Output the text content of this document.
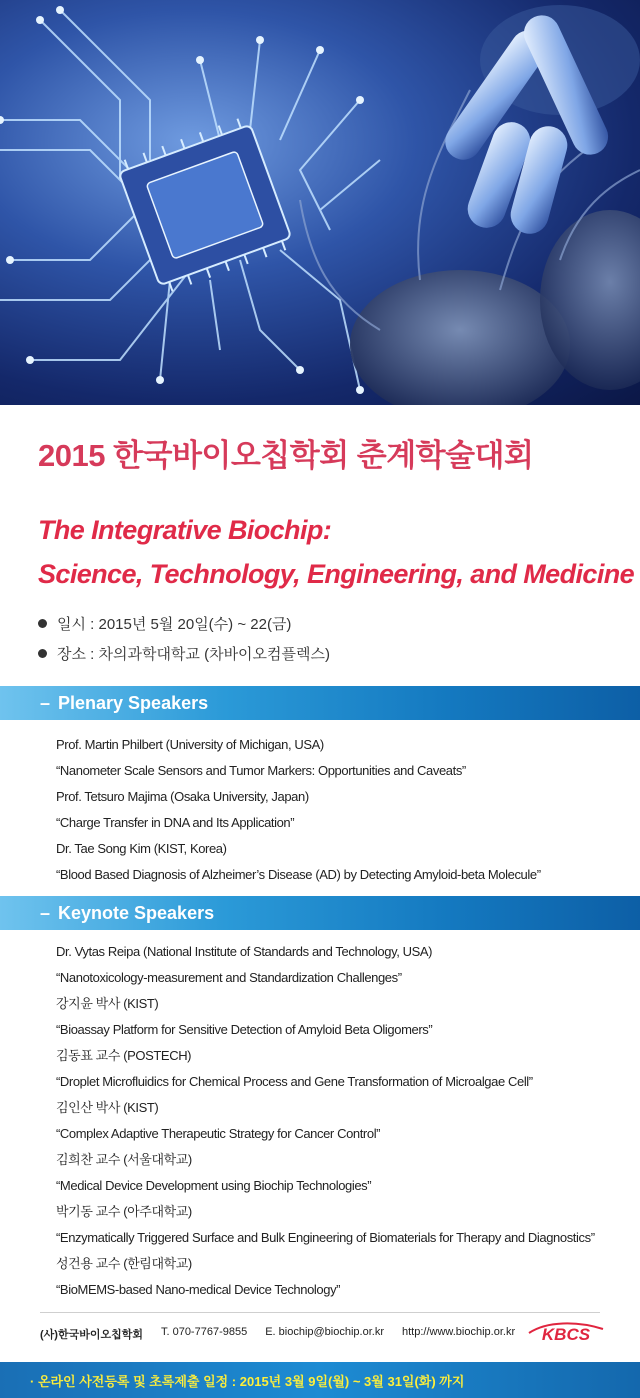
2015 한국바이오칩학회 춘계학술대회
The Integrative Biochip:
Science, Technology, Engineering, and Medicine
일시 : 2015년 5월 20일(수) ~ 22(금)
장소 : 차의과학대학교 (차바이오컴플렉스)
– Plenary Speakers
Prof. Martin Philbert (University of Michigan, USA)
“Nanometer Scale Sensors and Tumor Markers: Opportunities and Caveats”
Prof. Tetsuro Majima (Osaka University, Japan)
“Charge Transfer in DNA and Its Application”
Dr. Tae Song Kim (KIST, Korea)
“Blood Based Diagnosis of Alzheimer’s Disease (AD) by Detecting Amyloid-beta Molecule”
– Keynote Speakers
Dr. Vytas Reipa (National Institute of Standards and Technology, USA)
“Nanotoxicology-measurement and Standardization Challenges”
강지윤 박사 (KIST)
“Bioassay Platform for Sensitive Detection of Amyloid Beta Oligomers”
김동표 교수 (POSTECH)
“Droplet Microfluidics for Chemical Process and Gene Transformation of Microalgae Cell”
김인산 박사 (KIST)
“Complex Adaptive Therapeutic Strategy for Cancer Control”
김희찬 교수 (서울대학교)
“Medical Device Development using Biochip Technologies”
박기동 교수 (아주대학교)
“Enzymatically Triggered Surface and Bulk Engineering of Biomaterials for Therapy and Diagnostics”
성건용 교수 (한림대학교)
“BioMEMS-based Nano-medical Device Technology”
(사)한국바이오칩학회 T. 070-7767-9855 E. biochip@biochip.or.kr http://www.biochip.or.kr KBCS
· 온라인 사전등록 및 초록제출 일정 : 2015년 3월 9일(월) ~ 3월 31일(화) 까지
